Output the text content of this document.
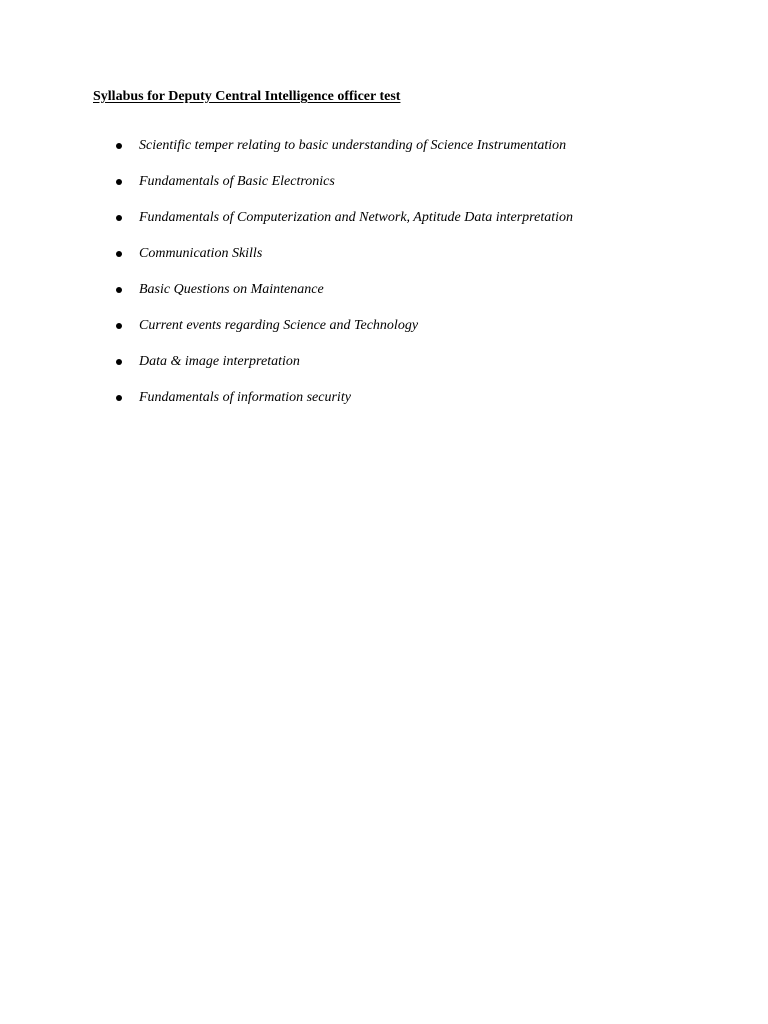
Syllabus for Deputy Central Intelligence officer test
Scientific temper relating to basic understanding of Science Instrumentation
Fundamentals of Basic Electronics
Fundamentals of Computerization and Network, Aptitude Data interpretation
Communication Skills
Basic Questions on Maintenance
Current events regarding Science and Technology
Data & image interpretation
Fundamentals of information security
